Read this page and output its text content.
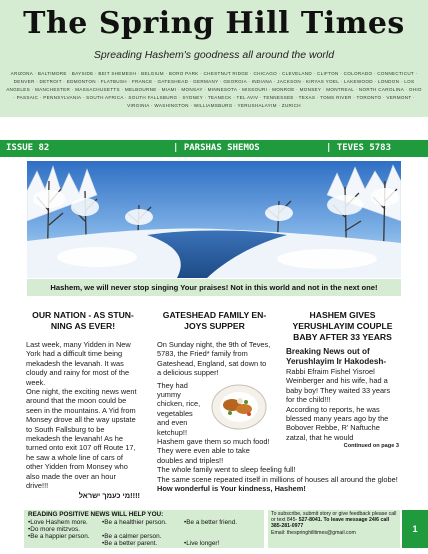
The Spring Hill Times
Spreading Hashem's goodness all around the world
ARIZONA · BALTIMORE · BAYSIDE · BEIT SHEMESH · BELGIUM · BORO PARK · CHESTNUT RIDGE · CHICAGO · CLEVELAND · CLIFTON · COLORADO · CONNECTICUT · DENVER · DETROIT · EDMONTON · FLATBUSH · FRANCE · GATESHEAD · GERMANY · GEORGIA · INDIANA · JACKSON · KIRYAS YOEL · LAKEWOOD · LONDON · LOS ANGELES · MANCHESTER · MASSACHUSETTS · MELBOURNE · MIAMI · MONSAY · MINNESOTA · MISSOURI · MONROE · MONSEY · MONTREAL · NORTH CAROLINA · OHIO · PASSAIC · PENNSYLVANIA · SOUTH AFRICA · SOUTH FALLSBURG · SYDNEY · TEANECK · TEL AVIV · TENNESSEE · TEXAS · TOMS RIVER · TORONTO · VERMONT · VIRGINIA · WASHINGTON · WILLIAMSBURG · YERUSHALAYIM · ZURICH
ISSUE 82	| PARSHAS SHEMOS	| TEVES 5783
Hashem, we will never stop singing Your praises! Not in this world and not in the next one!
OUR NATION - AS STUN-NING AS EVER!
Last week, many Yidden in New York had a difficult time being mekadesh the levanah. It was cloudy and rainy for most of the week.
One night, the exciting news went around that the moon could be seen in the mountains. A Yid from Monsey drove all the way upstate to South Fallsburg to be mekadesh the levanah! As he turned onto exit 107 off Route 17, he saw a whole line of cars of other Yidden from Monsey who also made the over an hour drive!!!
מי כעמך ישראל!!!!
GATESHEAD FAMILY EN-JOYS SUPPER
On Sunday night, the 9th of Teves, 5783, the Fried* family from Gateshead, England, sat down to a delicious supper!
They had yummy chicken, rice, vegetables and even ketchup!!
Hashem gave them so much food! They were even able to take doubles and triples!!
The whole family went to sleep feeling full!
The same scene repeated itself in millions of houses all around the globe!
How wonderful is Your kindness, Hashem!
HASHEM GIVES YERUSHLAYIM COUPLE BABY AFTER 33 YEARS
Breaking News out of Yerushlayim Ir Hakodesh-
Rabbi Efraim Fishel Yisroel Weinberger and his wife, had a baby boy! They waited 33 years for the child!!!
According to reports, he was blessed many years ago by the Bobover Rebbe, R' Naftuche zatzal, that he would
Continued on page 3
READING POSITIVE NEWS WILL HELP YOU:
•Love Hashem more. •Be a healthier person.	•Be a better friend.
•Do more mitzvos.
•Be a calmer person.
•Be a happier person.
•Be a better parent.	•Live longer!
To subscribe, submit story or give feedback please call or text 845- 527-8041. To leave message 24/6 call 385-281-0977
Email: thespringhilltimes@gmail.com	1
